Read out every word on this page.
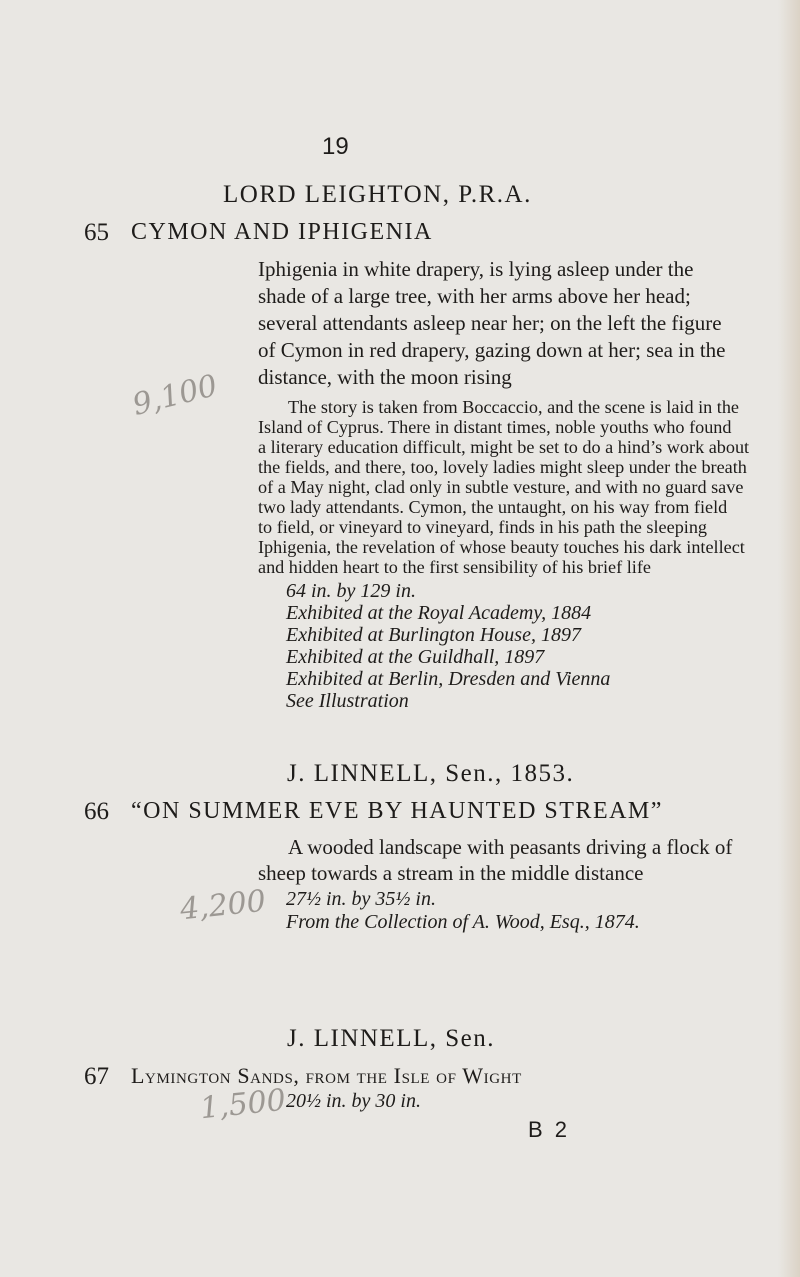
19
LORD LEIGHTON, P.R.A.
65 CYMON AND IPHIGENIA
Iphigenia in white drapery, is lying asleep under the
shade of a large tree, with her arms above her head;
several attendants asleep near her; on the left the figure
of Cymon in red drapery, gazing down at her; sea in the
distance, with the moon rising
9,100	The story is taken from Boccaccio, and the scene is laid in the
Island of Cyprus. There in distant times, noble youths who found
a literary education difficult, might be set to do a hind’s work about
the fields, and there, too, lovely ladies might sleep under the breath
of a May night, clad only in subtle vesture, and with no guard save
two lady attendants. Cymon, the untaught, on his way from field
to field, or vineyard to vineyard, finds in his path the sleeping
Iphigenia, the revelation of whose beauty touches his dark intellect
and hidden heart to the first sensibility of his brief life
64 in. by 129 in.
Exhibited at the Royal Academy, 1884
Exhibited at Burlington House, 1897
Exhibited at the Guildhall, 1897
Exhibited at Berlin, Dresden and Vienna
See Illustration
J. LINNELL, Sen., 1853.
66 “ON SUMMER EVE BY HAUNTED STREAM”
A wooded landscape with peasants driving a flock of
sheep towards a stream in the middle distance
4,200 27½ in. by 35½ in.
From the Collection of A. Wood, Esq., 1874.
J. LINNELL, Sen.
67 Lymington Sands, from the Isle of Wight
1,500
20½ in. by 30 in.
B 2
